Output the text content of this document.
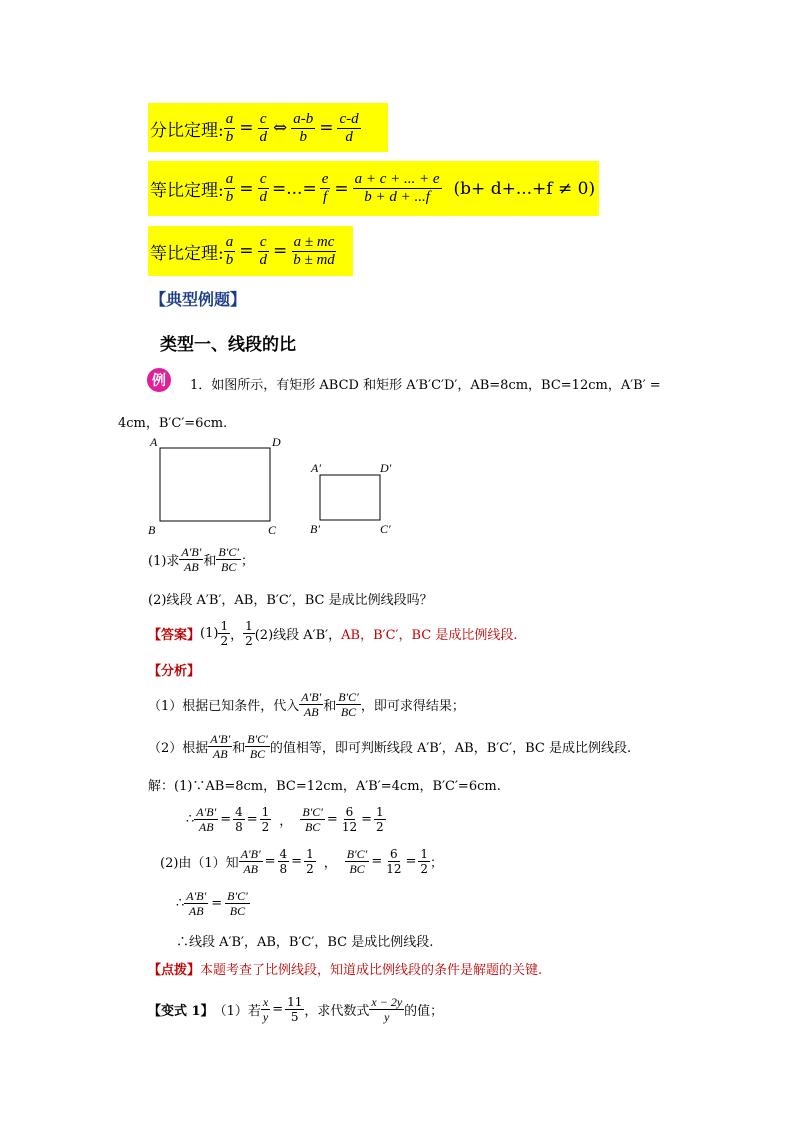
分比定理: $\frac{a}{b} = \frac{c}{d}$ ⇔ $\frac{a-b}{b} = \frac{c-d}{d}$
等比定理: $\frac{a}{b} = \frac{c}{d}$ =...= $\frac{e}{f} = \frac{a + c + ... + e}{b + d + ...f} (b+ d+...+f \ne 0)$
等比定理: $\frac{a}{b} = \frac{c}{d} = \frac{a \pm mc}{b \pm md}$
【典型例题】
类型一、线段的比
例 1．如图所示，有矩形 ABCD 和矩形 A′B′C′D′，AB=8cm，BC=12cm，A′B′ =
4cm，B′C′=6cm.
A	D
B	C
A′	D′
B′	C′
(1)求 $\frac{A'B'}{AB}$ 和 $\frac{B'C'}{BC}$ ；
(2)线段 A′B′，AB，B′C′，BC 是成比例线段吗？
【答案】 $(1) \frac{1}{2}$ ， $\frac{1}{2} (2)$线段 A′B′， AB，B′C′，BC 是成比例线段.
【分析】
（1）根据已知条件，代入 $\frac{A'B'}{AB}$ 和 $\frac{B'C'}{BC}$ ，即可求得结果；
（2）根据 $\frac{A'B'}{AB}$ 和 $\frac{B'C'}{BC}$ 的值相等，即可判断线段 A′B′，AB，B′C′，BC 是成比例线段.
解：(1)∵AB=8cm，BC=12cm，A′B′=4cm，B′C′=6cm.
∴ $\frac{A'B'}{AB} = \frac{4}{8} = \frac{1}{2}$ ， $\frac{B'C'}{BC} = \frac{6}{12} = \frac{1}{2}$
(2)由（1）知 $\frac{A'B'}{AB} = \frac{4}{8} = \frac{1}{2}$ ， $\frac{B'C'}{BC} = \frac{6}{12} = \frac{1}{2}$ ；
∴ $\frac{A'B'}{AB} = \frac{B'C'}{BC}$
∴线段 A′B′，AB，B′C′，BC 是成比例线段.
【点拨】 本题考查了比例线段，知道成比例线段的条件是解题的关键.
【变式 1】 （1）若 $\frac{x}{y} = \frac{11}{5}$ ，求代数式 $\frac{x - 2y}{y}$ 的值；
